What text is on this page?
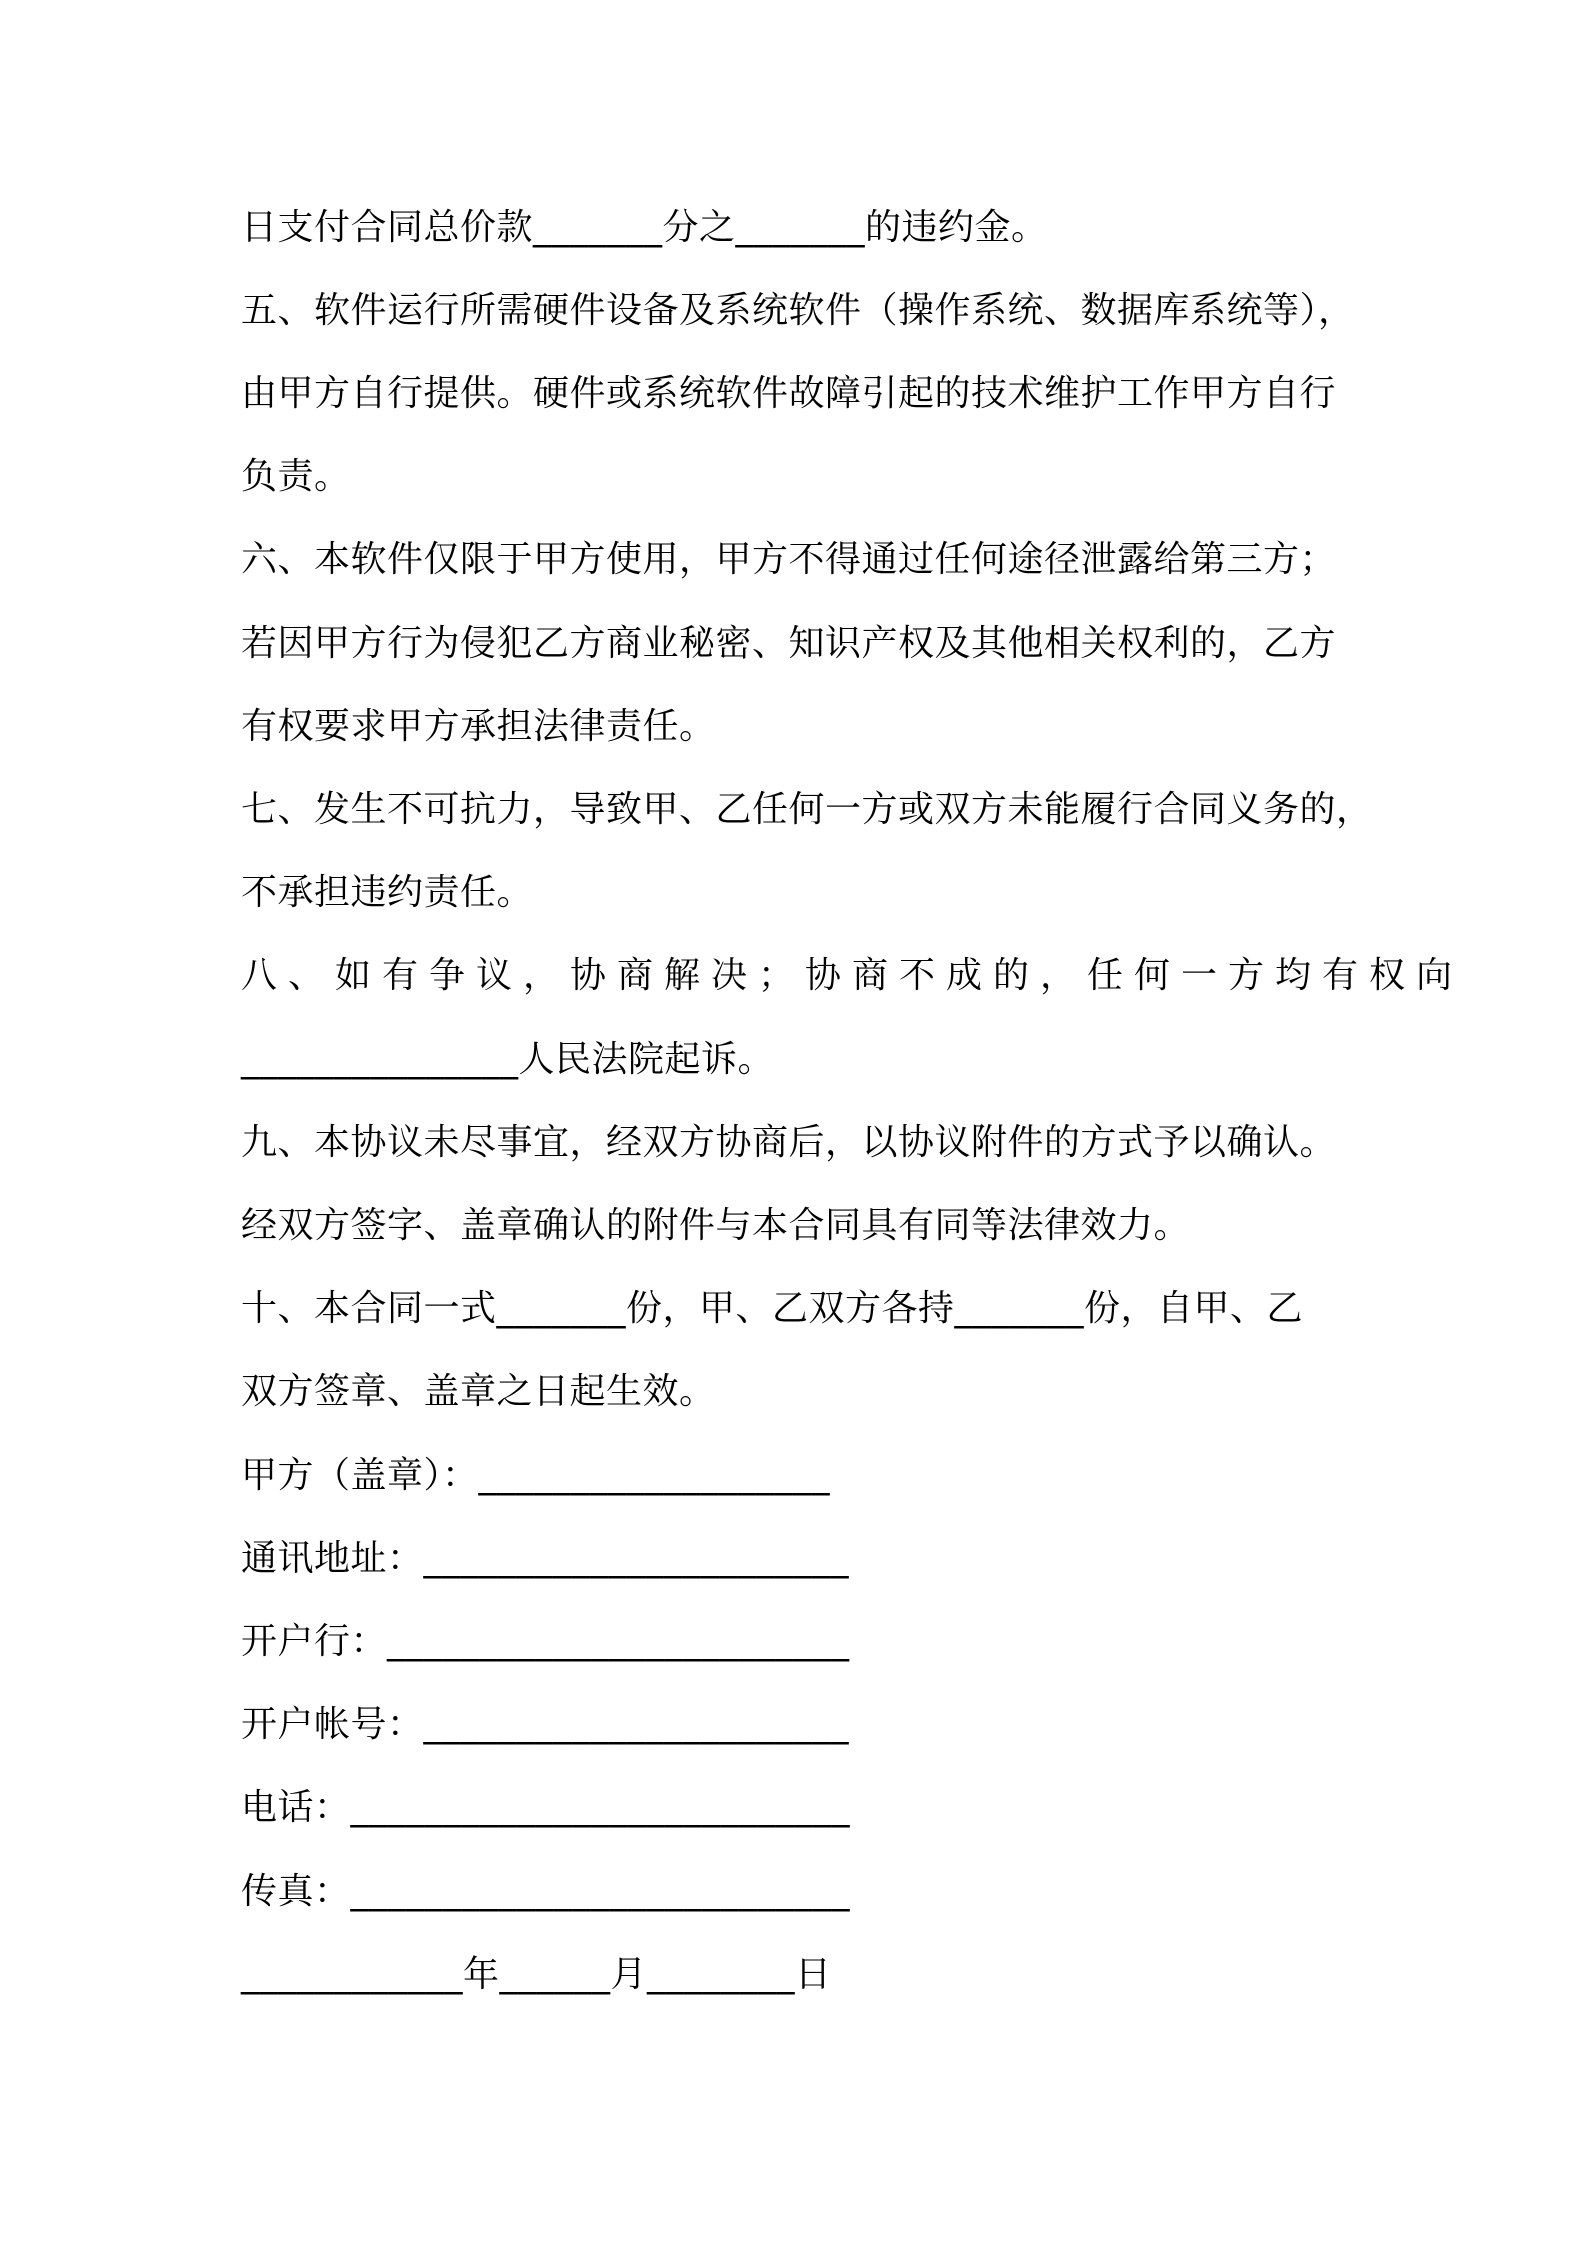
日支付合同总价款_______分之_______的违约金。
五、软件运行所需硬件设备及系统软件（操作系统、数据库系统等），
由甲方自行提供。硬件或系统软件故障引起的技术维护工作甲方自行
负责。
六、本软件仅限于甲方使用，甲方不得通过任何途径泄露给第三方；
若因甲方行为侵犯乙方商业秘密、知识产权及其他相关权利的，乙方
有权要求甲方承担法律责任。
七、发生不可抗力，导致甲、乙任何一方或双方未能履行合同义务的，
不承担违约责任。
八、如有争议，协商解决；协商不成的，任何一方均有权向
_______________人民法院起诉。
九、本协议未尽事宜，经双方协商后，以协议附件的方式予以确认。
经双方签字、盖章确认的附件与本合同具有同等法律效力。
十、本合同一式_______份，甲、乙双方各持_______份，自甲、乙
双方签章、盖章之日起生效。
甲方（盖章）：___________________
通讯地址：_______________________
开户行：_________________________
开户帐号：_______________________
电话：___________________________
传真：___________________________
____________年______月________日
